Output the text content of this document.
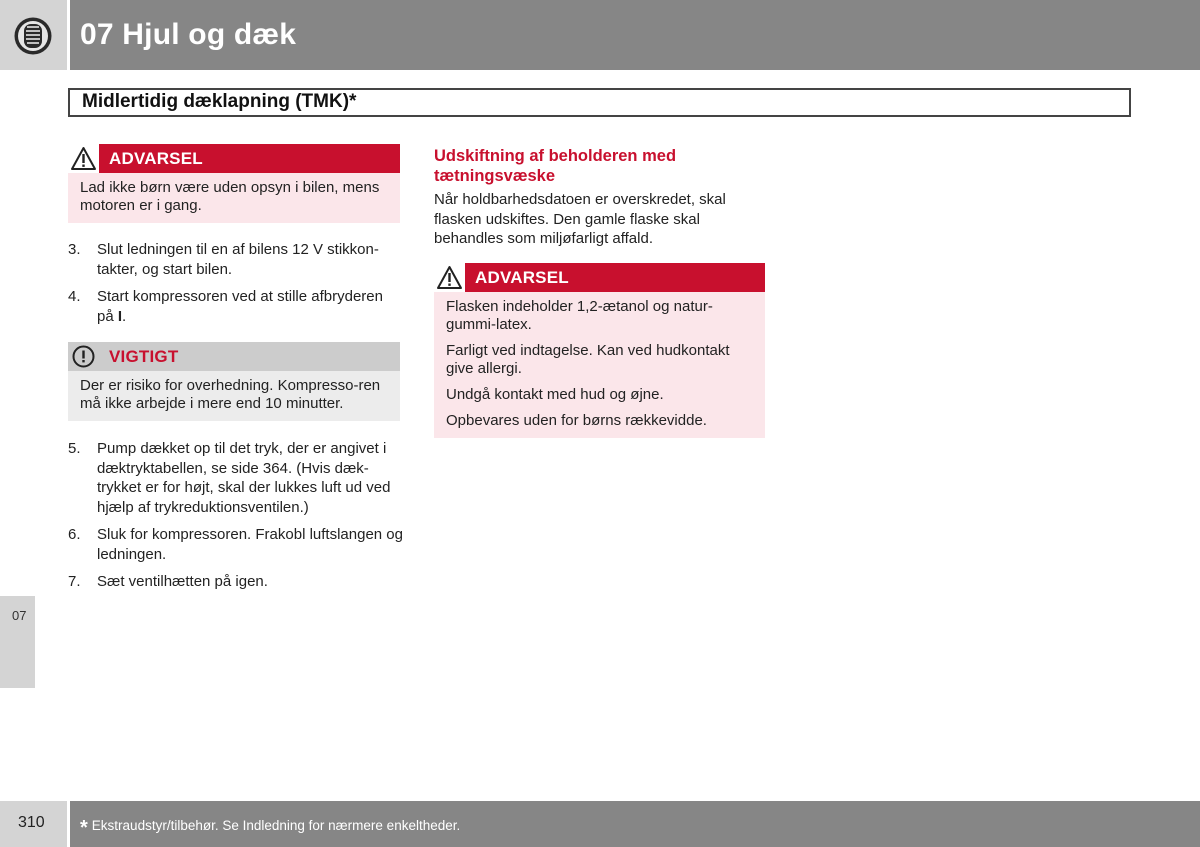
07 Hjul og dæk
Midlertidig dæklapning (TMK)*
ADVARSEL

Lad ikke børn være uden opsyn i bilen, mens motoren er i gang.

3. Slut ledningen til en af bilens 12 V stikkon-takter, og start bilen.
4. Start kompressoren ved at stille afbryderen på I.
VIGTIGT

Der er risiko for overhedning. Kompresso-ren må ikke arbejde i mere end 10 minutter.

5. Pump dækket op til det tryk, der er angivet i dæktryktabellen, se side 364. (Hvis dæk-trykket er for højt, skal der lukkes luft ud ved hjælp af trykreduktionsventilen.)
6. Sluk for kompressoren. Frakobl luftslangen og ledningen.
7. Sæt ventilhætten på igen.
Udskiftning af beholderen med tætningsvæske
Når holdbarhedsdatoen er overskredet, skal flasken udskiftes. Den gamle flaske skal behandles som miljøfarligt affald.
ADVARSEL

Flasken indeholder 1,2-ætanol og natur-gummi-latex.

Farligt ved indtagelse. Kan ved hudkontakt give allergi.

Undgå kontakt med hud og øjne.

Opbevares uden for børns rækkevidde.

07
310 * Ekstraudstyr/tilbehør. Se Indledning for nærmere enkeltheder.
